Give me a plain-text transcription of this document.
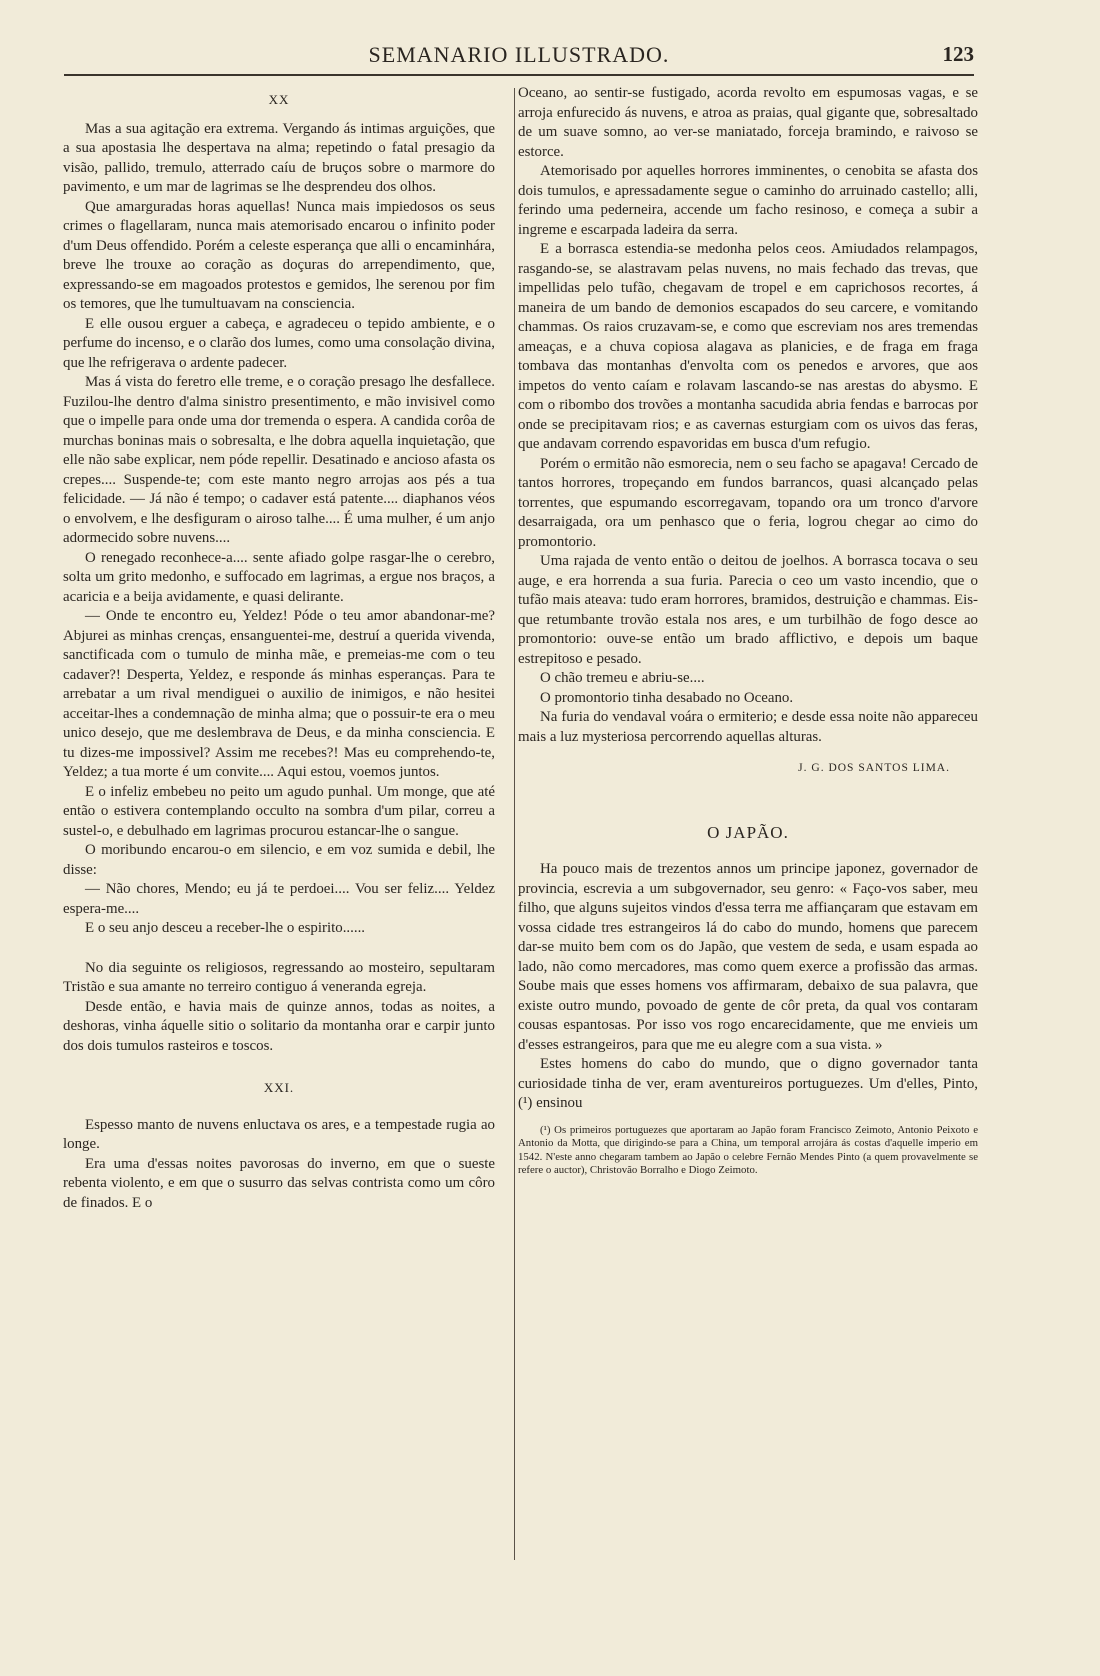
SEMANARIO ILLUSTRADO.	123
XX

Mas a sua agitação era extrema. Vergando ás intimas arguições, que a sua apostasia lhe despertava na alma; repetindo o fatal presagio da visão, pallido, tremulo, atterrado caíu de bruços sobre o marmore do pavimento, e um mar de lagrimas se lhe desprendeu dos olhos.

Que amarguradas horas aquellas! Nunca mais impiedosos os seus crimes o flagellaram, nunca mais atemorisado encarou o infinito poder d'um Deus offendido. Porém a celeste esperança que alli o encaminhára, breve lhe trouxe ao coração as doçuras do arrependimento, que, expressando-se em magoados protestos e gemidos, lhe serenou por fim os temores, que lhe tumultuavam na consciencia.

E elle ousou erguer a cabeça, e agradeceu o tepido ambiente, e o perfume do incenso, e o clarão dos lumes, como uma consolação divina, que lhe refrigerava o ardente padecer.

Mas á vista do feretro elle treme, e o coração presago lhe desfallece. Fuzilou-lhe dentro d'alma sinistro presentimento, e mão invisivel como que o impelle para onde uma dor tremenda o espera. A candida corôa de murchas boninas mais o sobresalta, e lhe dobra aquella inquietação, que elle não sabe explicar, nem póde repellir. Desatinado e ancioso afasta os crepes.... Suspende-te; com este manto negro arrojas aos pés a tua felicidade. — Já não é tempo; o cadaver está patente.... diaphanos véos o envolvem, e lhe desfiguram o airoso talhe.... É uma mulher, é um anjo adormecido sobre nuvens....

O renegado reconhece-a.... sente afiado golpe rasgar-lhe o cerebro, solta um grito medonho, e suffocado em lagrimas, a ergue nos braços, a acaricia e a beija avidamente, e quasi delirante.

— Onde te encontro eu, Yeldez! Póde o teu amor abandonar-me? Abjurei as minhas crenças, ensanguentei-me, destruí a querida vivenda, sanctificada com o tumulo de minha mãe, e premeias-me com o teu cadaver?! Desperta, Yeldez, e responde ás minhas esperanças. Para te arrebatar a um rival mendiguei o auxilio de inimigos, e não hesitei acceitar-lhes a condemnação de minha alma; que o possuir-te era o meu unico desejo, que me deslembrava de Deus, e da minha consciencia. E tu dizes-me impossivel? Assim me recebes?! Mas eu comprehendo-te, Yeldez; a tua morte é um convite.... Aqui estou, voemos juntos.

E o infeliz embebeu no peito um agudo punhal. Um monge, que até então o estivera contemplando occulto na sombra d'um pilar, correu a sustel-o, e debulhado em lagrimas procurou estancar-lhe o sangue.

O moribundo encarou-o em silencio, e em voz sumida e debil, lhe disse:

— Não chores, Mendo; eu já te perdoei.... Vou ser feliz.... Yeldez espera-me....

E o seu anjo desceu a receber-lhe o espirito......

No dia seguinte os religiosos, regressando ao mosteiro, sepultaram Tristão e sua amante no terreiro contiguo á veneranda egreja.

Desde então, e havia mais de quinze annos, todas as noites, a deshoras, vinha áquelle sitio o solitario da montanha orar e carpir junto dos dois tumulos rasteiros e toscos.

XXI.

Espesso manto de nuvens enluctava os ares, e a tempestade rugia ao longe.

Era uma d'essas noites pavorosas do inverno, em que o sueste rebenta violento, e em que o susurro das selvas contrista como um côro de finados. E o

Oceano, ao sentir-se fustigado, acorda revolto em espumosas vagas, e se arroja enfurecido ás nuvens, e atroa as praias, qual gigante que, sobresaltado de um suave somno, ao ver-se maniatado, forceja bramindo, e raivoso se estorce.

Atemorisado por aquelles horrores imminentes, o cenobita se afasta dos dois tumulos, e apressadamente segue o caminho do arruinado castello; alli, ferindo uma pederneira, accende um facho resinoso, e começa a subir a ingreme e escarpada ladeira da serra.

E a borrasca estendia-se medonha pelos ceos. Amiudados relampagos, rasgando-se, se alastravam pelas nuvens, no mais fechado das trevas, que impellidas pelo tufão, chegavam de tropel e em caprichosos recortes, á maneira de um bando de demonios escapados do seu carcere, e vomitando chammas. Os raios cruzavam-se, e como que escreviam nos ares tremendas ameaças, e a chuva copiosa alagava as planicies, e de fraga em fraga tombava das montanhas d'envolta com os penedos e arvores, que aos impetos do vento caíam e rolavam lascando-se nas arestas do abysmo. E com o ribombo dos trovões a montanha sacudida abria fendas e barrocas por onde se precipitavam rios; e as cavernas esturgiam com os uivos das feras, que andavam correndo espavoridas em busca d'um refugio.

Porém o ermitão não esmorecia, nem o seu facho se apagava! Cercado de tantos horrores, tropeçando em fundos barrancos, quasi alcançado pelas torrentes, que espumando escorregavam, topando ora um tronco d'arvore desarraigada, ora um penhasco que o feria, logrou chegar ao cimo do promontorio.

Uma rajada de vento então o deitou de joelhos. A borrasca tocava o seu auge, e era horrenda a sua furia. Parecia o ceo um vasto incendio, que o tufão mais ateava: tudo eram horrores, bramidos, destruição e chammas. Eis-que retumbante trovão estala nos ares, e um turbilhão de fogo desce ao promontorio: ouve-se então um brado afflictivo, e depois um baque estrepitoso e pesado.

O chão tremeu e abriu-se....

O promontorio tinha desabado no Oceano.

Na furia do vendaval voára o ermiterio; e desde essa noite não appareceu mais a luz mysteriosa percorrendo aquellas alturas.

J. G. DOS SANTOS LIMA.
O JAPÃO.

Ha pouco mais de trezentos annos um principe japonez, governador de provincia, escrevia a um subgovernador, seu genro: « Faço-vos saber, meu filho, que alguns sujeitos vindos d'essa terra me affiançaram que estavam em vossa cidade tres estrangeiros lá do cabo do mundo, homens que parecem dar-se muito bem com os do Japão, que vestem de seda, e usam espada ao lado, não como mercadores, mas como quem exerce a profissão das armas. Soube mais que esses homens vos affirmaram, debaixo de sua palavra, que existe outro mundo, povoado de gente de côr preta, da qual vos contaram cousas espantosas. Por isso vos rogo encarecidamente, que me envieis um d'esses estrangeiros, para que me eu alegre com a sua vista. »

Estes homens do cabo do mundo, que o digno governador tanta curiosidade tinha de ver, eram aventureiros portuguezes. Um d'elles, Pinto, (¹) ensinou

(¹) Os primeiros portuguezes que aportaram ao Japão foram Francisco Zeimoto, Antonio Peixoto e Antonio da Motta, que dirigindo-se para a China, um temporal arrojára ás costas d'aquelle imperio em 1542. N'este anno chegaram tambem ao Japão o celebre Fernão Mendes Pinto (a quem provavelmente se refere o auctor), Christovão Borralho e Diogo Zeimoto.
